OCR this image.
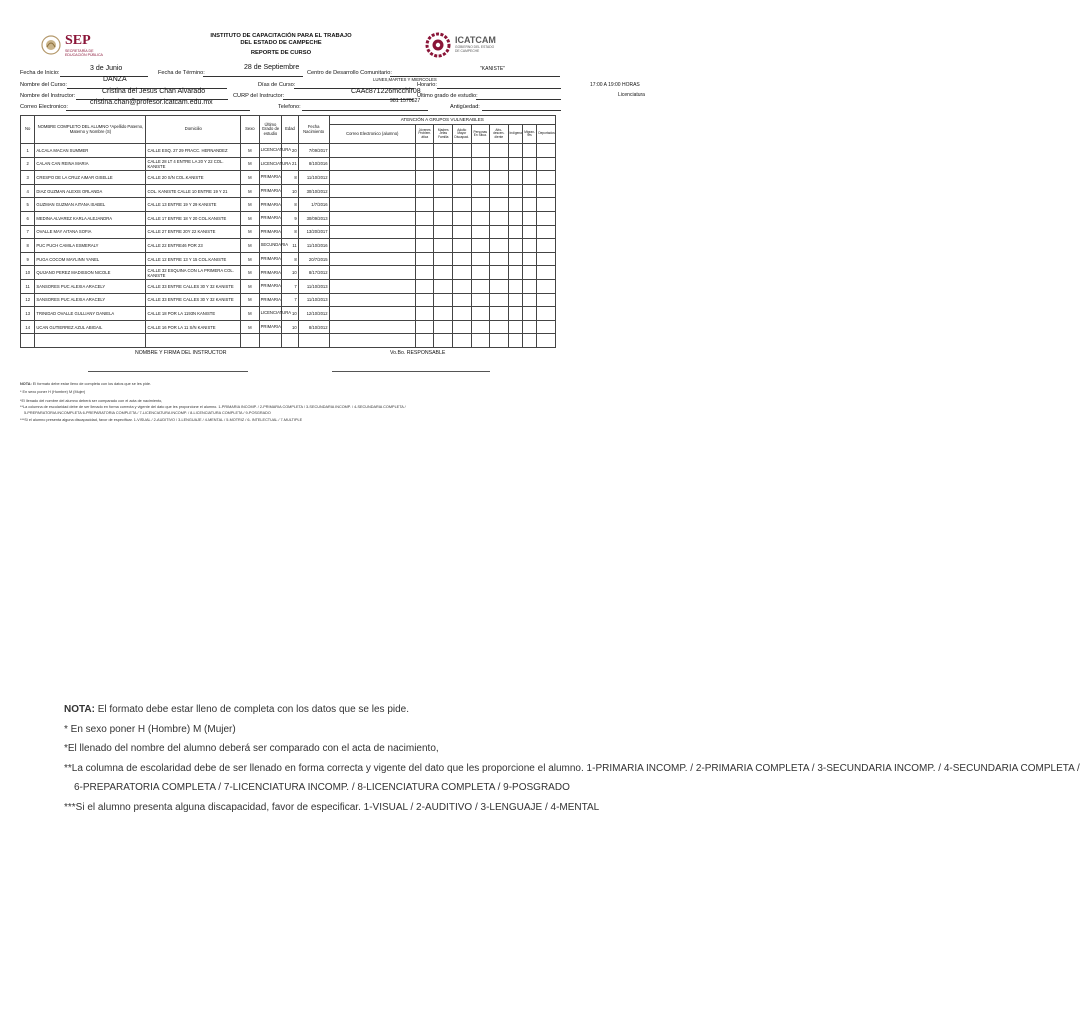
SEP
SECRETARÍA DE EDUCACIÓN PÚBLICA
INSTITUTO DE CAPACITACIÓN PARA EL TRABAJO
DEL ESTADO DE CAMPECHE
REPORTE DE CURSO
ICATCAM
GOBIERNO DEL ESTADO
DE CAMPECHE
Fecha de Inicio:
3 de Junio
Fecha de Término:
28 de Septiembre
Centro de Desarrollo Comunitario:
"KANISTE"
Nombre del Curso:
DANZA
Días de Curso:
LUNES,MARTES Y MIERCOLES
Horario:	17:00 A 19:00 HORAS
Nombre del Instructor:
Cristina del Jesus Chan Alvarado
CURP del Instructor:
CAAc871226mcchlr08
Último grado de estudio:	Licenciatura
Correo Electronico:
cristina.chan@profesor.icatcam.edu.mx
Telefono:
981 1570827
Antigüedad:
No	NOMBRE COMPLETO DEL ALUMNO *Apellido Paterno, Materno y Nombre (S)	Domicilio	Sexo	Último Grado de estudio	Edad	Fecha Nacimiento	ATENCIÓN A GRUPOS VULNERABLES								
							Correo Electronico (alumno)	Jóvenes Problem. ática	Madres Jefas Familia	Adulto Mayor Discapaci.	Personas En Situa.	Afro-descen- diente	Indígena	Migran- tes	Deportados
1	ALCALA MACAN SUMMER	CALLE ESQ. 27 29 FRACC. HERNANDEZ	M	LICENCIATURA	20	7/09/2017									
2	CALAN CAN REINA MARIA	CALLE 28 LT 4 ENTRE LA 20 Y 22 COL. KANISTE	M	LICENCIATURA	21	8/10/2016									
3	CRESPO DE LA CRUZ AIMAR GISELLE	CALLE 20 S/N COL.KANISTE	M	PRIMARIA	8	11/10/2012									
4	DIAZ GUZMAN ALEXIS ORLANDA	COL. KANISTE CALLE 10 ENTRE 19 Y 21	M	PRIMARIA	10	30/10/2012									
5	GUZMAN GUZMAN AITANA ISABEL	CALLE 13 ENTRE 19 Y 29 KANISTE	M	PRIMARIA	8	1/7/2016									
6	MEDINA ALVAREZ KARLA ALEJANDRA	CALLE 17 ENTRE 18 Y 20 COL.KANISTE	M	PRIMARIA	9	30/09/2013									
7	OVALLE MAY AITANA SOFIA	CALLE 27 ENTRE 20Y 22 KANISTE	M	PRIMARIA	8	13/20/2017									
8	PUC PUCH CAMILA ESMERALY	CALLE 22 ENTRE46 POR 23	M	SECUNDARIA	11	11/10/2016									
9	PUGA COCOM MAYLINN YANEL	CALLE 12 ENTRE 13 Y 15 COL.KANISTE	M	PRIMARIA	8	20/7/2015									
10	QUIJANO PEREZ MADISSON NICOLE	CALLE 32 ESQUINA CON LA PRIMERA COL. KANISTE	M	PRIMARIA	10	8/17/2012									
11	SANSORES PUC ALEXIA ARACELY	CALLE 33 ENTRE CALLES 30 Y 32 KANISTE	M	PRIMARIA	7	11/10/2013									
12	SANSORES PUC ALEXIA ARACELY	CALLE 33 ENTRE CALLES 30 Y 32 KANISTE	M	PRIMARIA	7	11/10/2013									
13	TRINIDAD OVALLE GULLIANY DANIELA	CALLE 18 POR LA 1193N KANISTE	M	LICENCIATURA	10	12/10/2012									
14	UCAN GUTIERREZ AZUL ABIGAIL	CALLE 16 POR LA 11 S/N KANISTE	M	PRIMARIA	10	8/10/2012									

NOMBRE Y FIRMA DEL INSTRUCTOR	Vo.Bo. RESPONSABLE
NOTA: El formato debe estar lleno de completa con los datos que se les pide.
* En sexo poner H (Hombre) M (Mujer)
*El llenado del nombre del alumno deberá ser comparado con el acta de nacimiento,
**La columna de escolaridad debe de ser llenado en forma correcta y vigente del dato que les proporcione el alumno. 1-PRIMARIA INCOMP. / 2-PRIMARIA COMPLETA / 3-SECUNDARIA INCOMP. / 4-SECUNDARIA COMPLETA /
5-PREPARATORIA INCOMPLETA 6-PREPARATORIA COMPLETA / 7-LICENCIATURA INCOMP. / 8-LICENCIATURA COMPLETA / 9-POSGRADO
***Si el alumno presenta alguna discapacidad, favor de especificar. 1-VISUAL / 2-AUDITIVO / 3-LENGUAJE / 4-MENTAL / 5-MOTRIZ / 6- INTELECTUAL / 7-MULTIPLE
NOTA: El formato debe estar lleno de completa con los datos que se les pide.
* En sexo poner H (Hombre) M (Mujer)
*El llenado del nombre del alumno deberá ser comparado con el acta de nacimiento,
**La columna de escolaridad debe de ser llenado en forma correcta y vigente del dato que les proporcione el alumno. 1-PRIMARIA INCOMP. / 2-PRIMARIA COMPLETA / 3-SECUNDARIA INCOMP. / 4-SECUNDARIA COMPLETA /
6-PREPARATORIA COMPLETA / 7-LICENCIATURA INCOMP. / 8-LICENCIATURA COMPLETA / 9-POSGRADO
***Si el alumno presenta alguna discapacidad, favor de especificar. 1-VISUAL / 2-AUDITIVO / 3-LENGUAJE / 4-MENTAL
